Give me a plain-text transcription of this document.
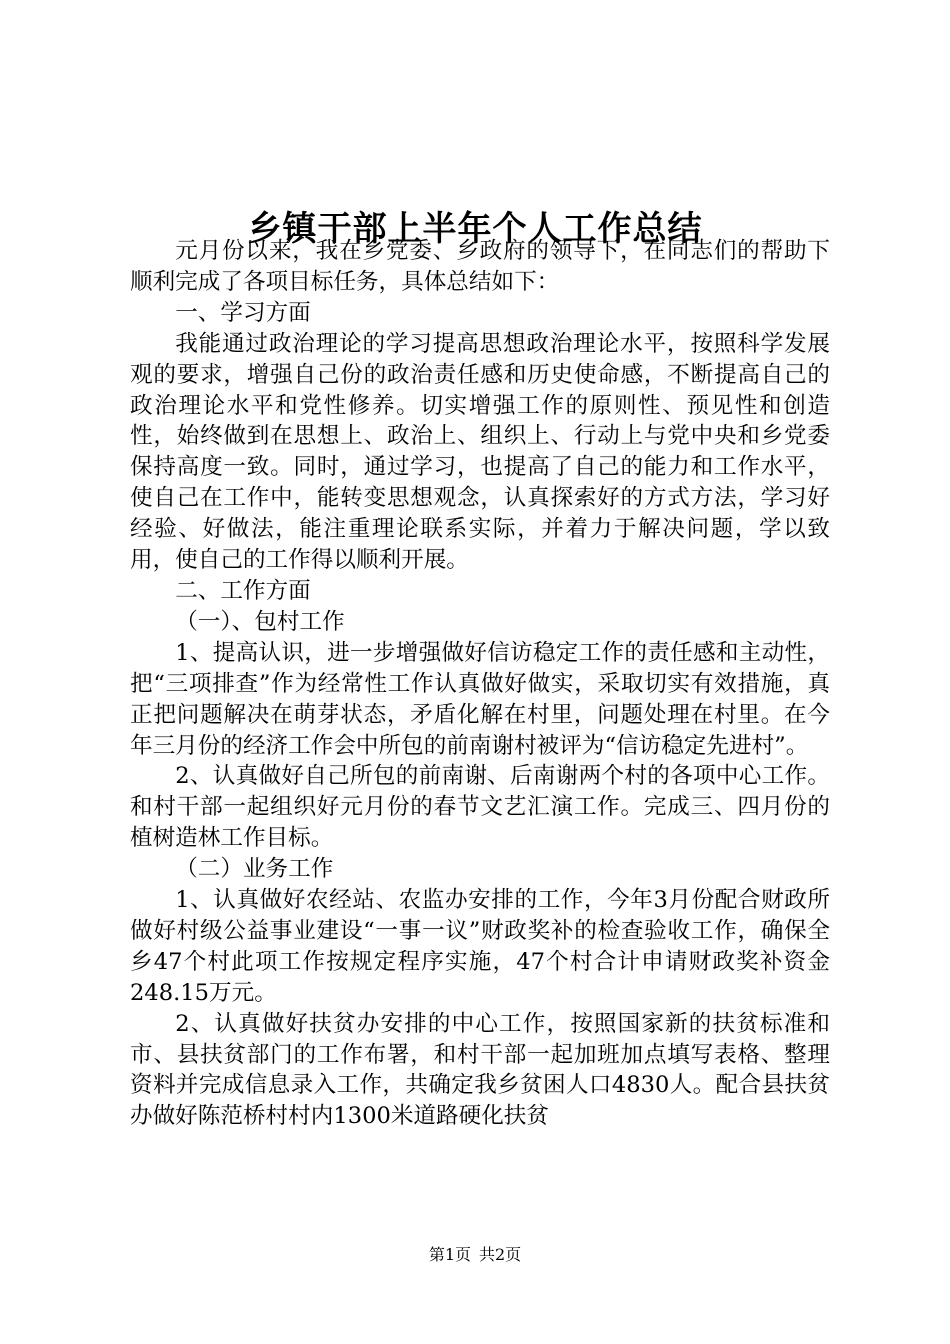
乡镇干部上半年个人工作总结

元月份以来，我在乡党委、乡政府的领导下，在同志们的帮助下顺利完成了各项目标任务，具体总结如下：

一、学习方面

我能通过政治理论的学习提高思想政治理论水平，按照科学发展观的要求，增强自己份的政治责任感和历史使命感，不断提高自己的政治理论水平和党性修养。切实增强工作的原则性、预见性和创造性，始终做到在思想上、政治上、组织上、行动上与党中央和乡党委保持高度一致。同时，通过学习，也提高了自己的能力和工作水平，使自己在工作中，能转变思想观念，认真探索好的方式方法，学习好经验、好做法，能注重理论联系实际，并着力于解决问题，学以致用，使自己的工作得以顺利开展。

二、工作方面

（一）、包村工作

1、提高认识，进一步增强做好信访稳定工作的责任感和主动性，把“三项排查”作为经常性工作认真做好做实，采取切实有效措施，真正把问题解决在萌芽状态，矛盾化解在村里，问题处理在村里。在今年三月份的经济工作会中所包的前南谢村被评为“信访稳定先进村”。

2、认真做好自己所包的前南谢、后南谢两个村的各项中心工作。和村干部一起组织好元月份的春节文艺汇演工作。完成三、四月份的植树造林工作目标。

（二）业务工作

1、认真做好农经站、农监办安排的工作，今年3月份配合财政所做好村级公益事业建设“一事一议”财政奖补的检查验收工作，确保全乡47个村此项工作按规定程序实施，47个村合计申请财政奖补资金248.15万元。

2、认真做好扶贫办安排的中心工作，按照国家新的扶贫标准和市、县扶贫部门的工作布署，和村干部一起加班加点填写表格、整理资料并完成信息录入工作，共确定我乡贫困人口4830人。配合县扶贫办做好陈范桥村村内1300米道路硬化扶贫

第1页 共2页
